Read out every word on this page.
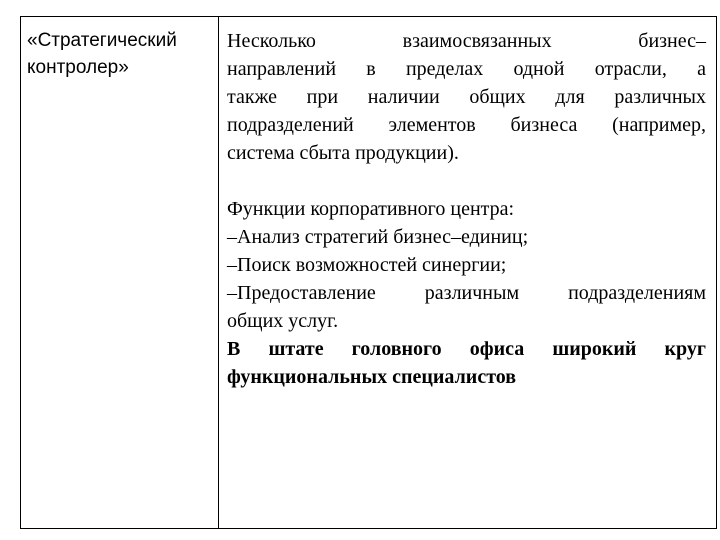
«Стратегический
контролер»
Несколько взаимосвязанных бизнес–
направлений в пределах одной отрасли, а
также при наличии общих для различных
подразделений элементов бизнеса (например,
система сбыта продукции).
Функции корпоративного центра:
–Анализ стратегий бизнес–единиц;
–Поиск возможностей синергии;
–Предоставление различным подразделениям
общих услуг.
В штате головного офиса широкий круг
функциональных специалистов
